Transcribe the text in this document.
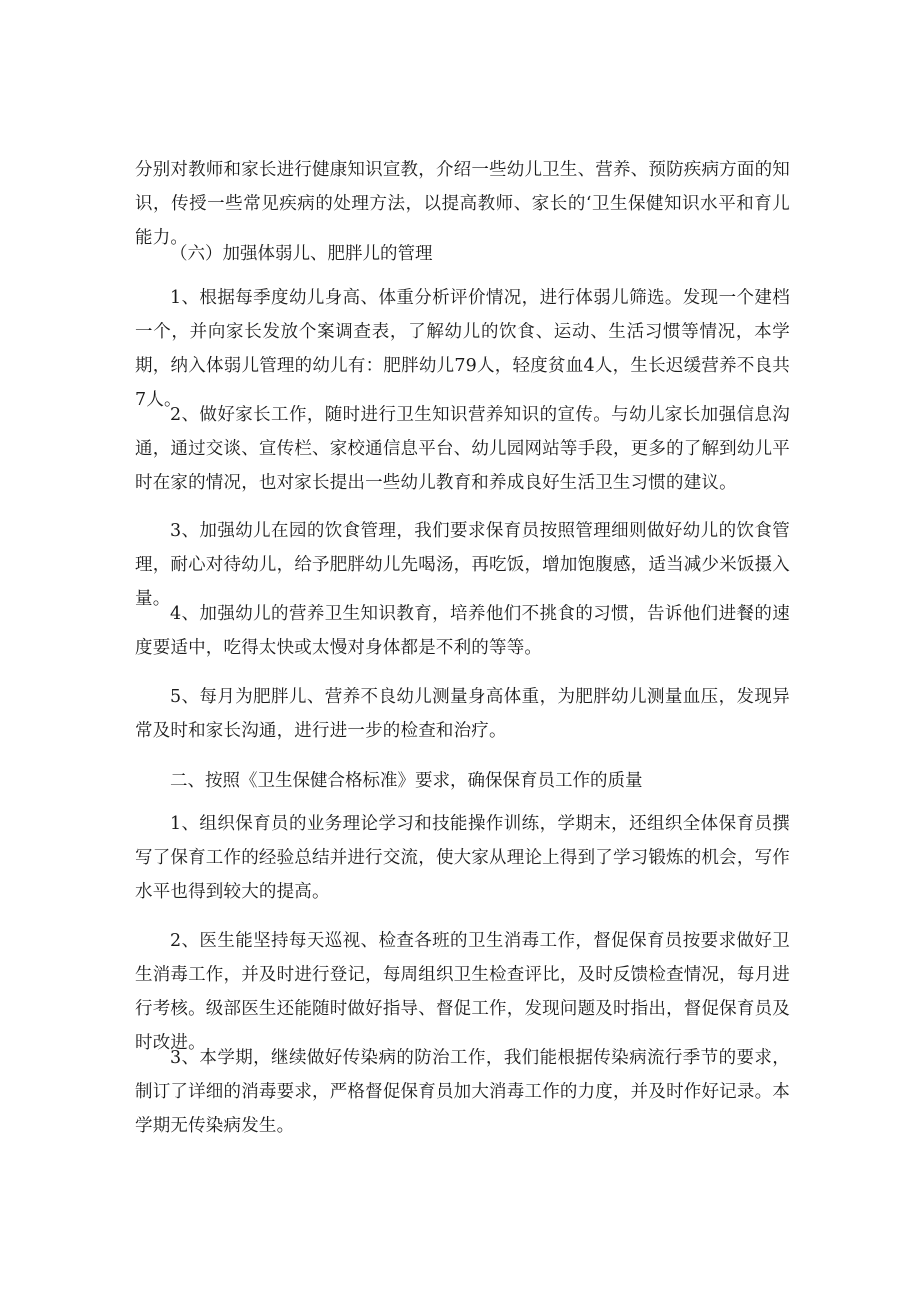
分别对教师和家长进行健康知识宣教，介绍一些幼儿卫生、营养、预防疾病方面的知识，传授一些常见疾病的处理方法，以提高教师、家长的‘卫生保健知识水平和育儿能力。

（六）加强体弱儿、肥胖儿的管理

1、根据每季度幼儿身高、体重分析评价情况，进行体弱儿筛选。发现一个建档一个，并向家长发放个案调查表，了解幼儿的饮食、运动、生活习惯等情况，本学期，纳入体弱儿管理的幼儿有：肥胖幼儿79人，轻度贫血4人，生长迟缓营养不良共7人。

2、做好家长工作，随时进行卫生知识营养知识的宣传。与幼儿家长加强信息沟通，通过交谈、宣传栏、家校通信息平台、幼儿园网站等手段，更多的了解到幼儿平时在家的情况，也对家长提出一些幼儿教育和养成良好生活卫生习惯的建议。

3、加强幼儿在园的饮食管理，我们要求保育员按照管理细则做好幼儿的饮食管理，耐心对待幼儿，给予肥胖幼儿先喝汤，再吃饭，增加饱腹感，适当减少米饭摄入量。

4、加强幼儿的营养卫生知识教育，培养他们不挑食的习惯，告诉他们进餐的速度要适中，吃得太快或太慢对身体都是不利的等等。

5、每月为肥胖儿、营养不良幼儿测量身高体重，为肥胖幼儿测量血压，发现异常及时和家长沟通，进行进一步的检查和治疗。

二、按照《卫生保健合格标准》要求，确保保育员工作的质量

1、组织保育员的业务理论学习和技能操作训练，学期末，还组织全体保育员撰写了保育工作的经验总结并进行交流，使大家从理论上得到了学习锻炼的机会，写作水平也得到较大的提高。

2、医生能坚持每天巡视、检查各班的卫生消毒工作，督促保育员按要求做好卫生消毒工作，并及时进行登记，每周组织卫生检查评比，及时反馈检查情况，每月进行考核。级部医生还能随时做好指导、督促工作，发现问题及时指出，督促保育员及时改进。

3、本学期，继续做好传染病的防治工作，我们能根据传染病流行季节的要求，制订了详细的消毒要求，严格督促保育员加大消毒工作的力度，并及时作好记录。本学期无传染病发生。
